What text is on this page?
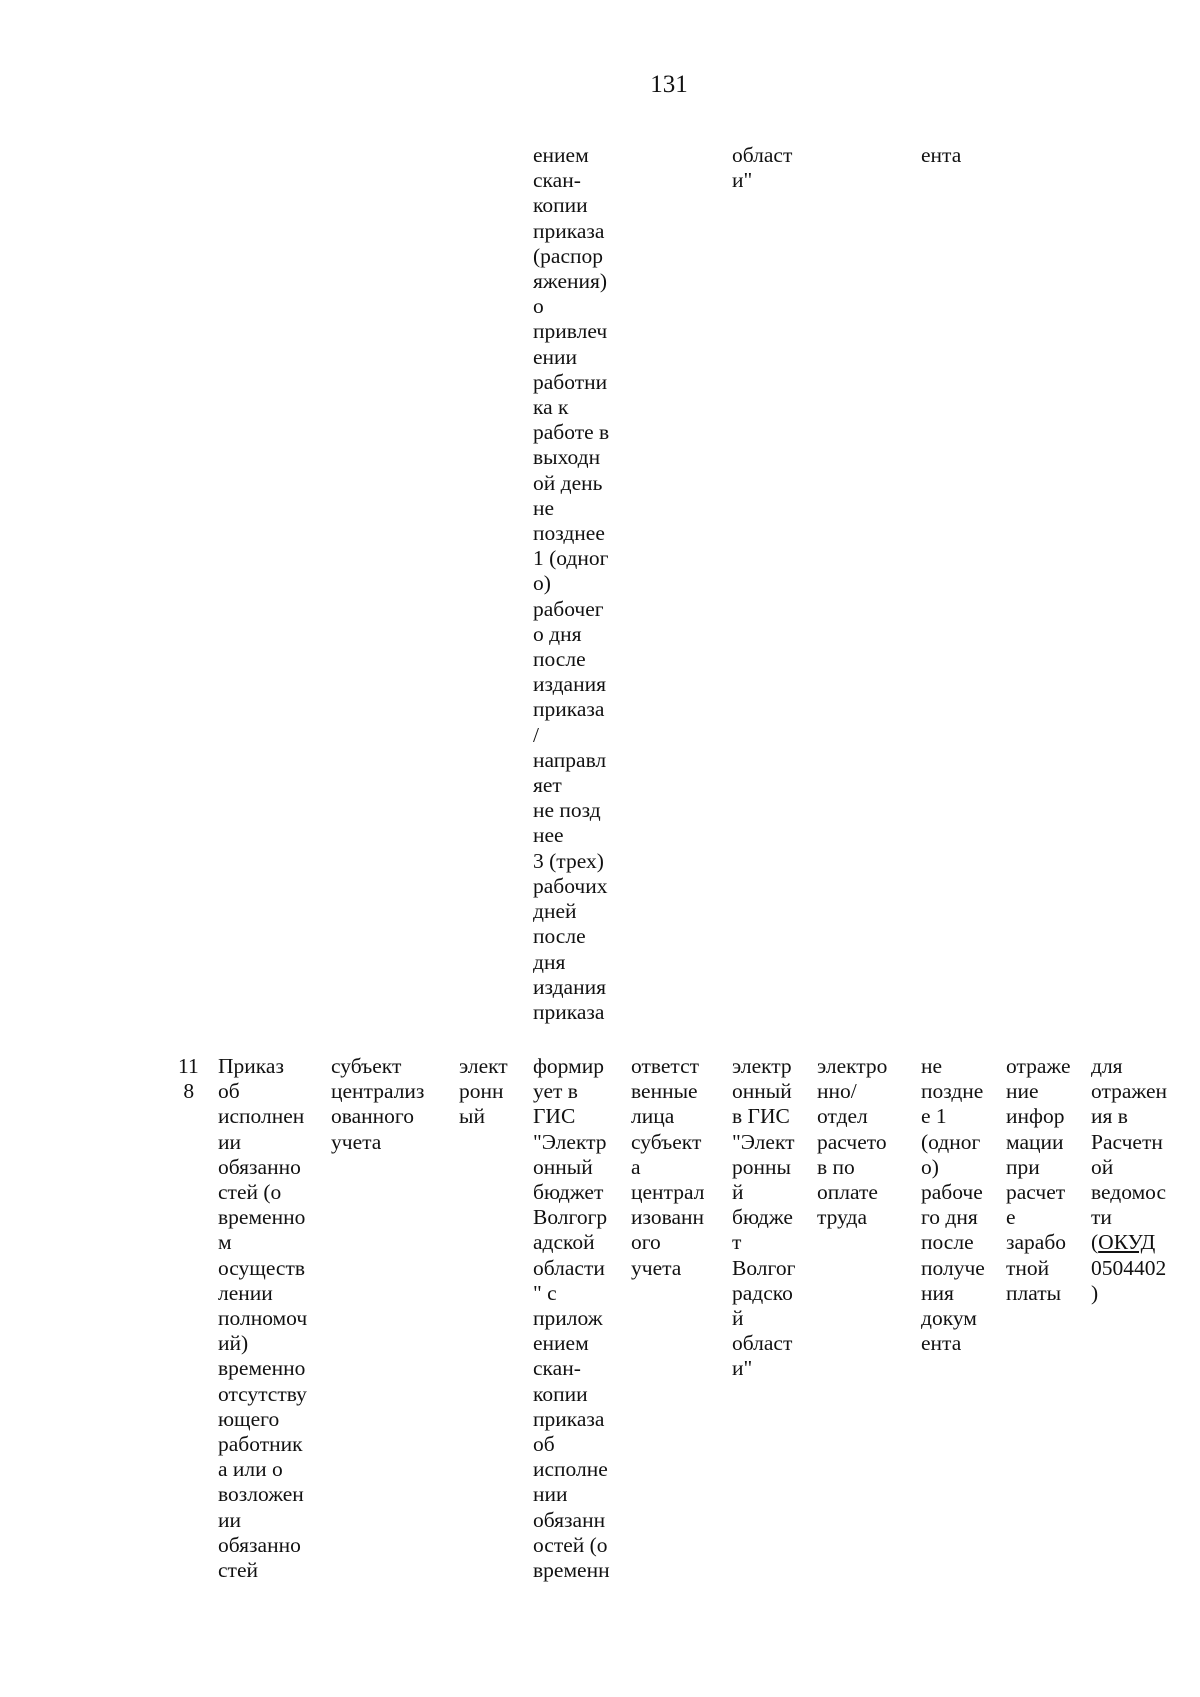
131
ением
скан-
копии
приказа
(распор
яжения)
о
привлеч
ении
работни
ка к
работе в
выходн
ой день
не
позднее
1 (одног
о)
рабочег
о дня
после
издания
приказа
/
направл
яет
не позд
нее
3 (трех)
рабочих
дней
после
дня
издания
приказа
област
и"
ента
11
8
Приказ
об
исполнен
ии
обязанно
стей (о
временно
м
осуществ
лении
полномоч
ий)
временно
отсутству
ющего
работник
а или о
возложен
ии
обязанно
стей
субъект
централиз
ованного
учета
элект
ронн
ый
формир
ует в
ГИС
"Электр
онный
бюджет
Волгогр
адской
области
" с
прилож
ением
скан-
копии
приказа
об
исполне
нии
обязанн
остей (о
временн
ответст
венные
лица
субъект
а
централ
изованн
ого
учета
электр
онный
в ГИС
"Элект
ронны
й
бюдже
т
Волгог
радско
й
област
и"
электро
нно/
отдел
расчето
в по
оплате
труда
не
поздне
е 1
(одног
о)
рабоче
го дня
после
получе
ния
докум
ента
отраже
ние
инфор
мации
при
расчет
е
зарабо
тной
платы
для
отражен
ия в
Расчетн
ой
ведомос
ти
(ОКУД
0504402
)
